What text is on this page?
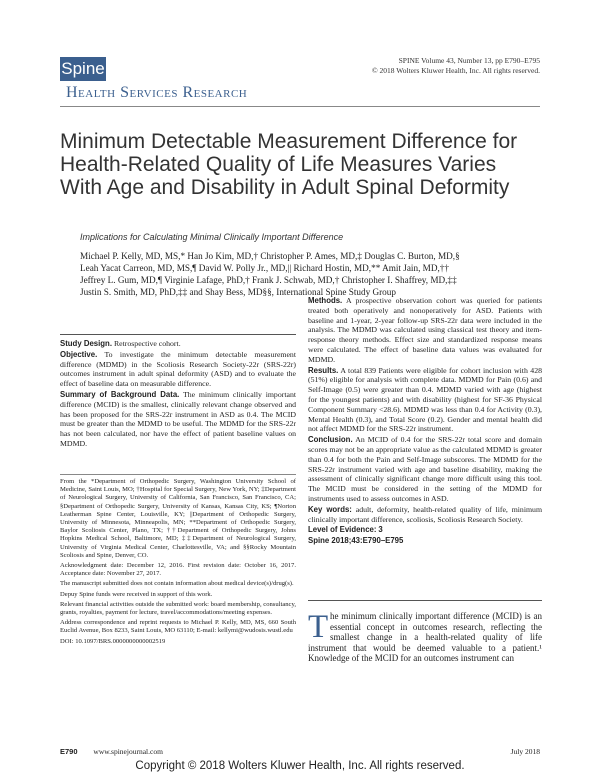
Spine	SPINE Volume 43, Number 13, pp E790–E795
© 2018 Wolters Kluwer Health, Inc. All rights reserved.
Health Services Research
Minimum Detectable Measurement Difference for Health-Related Quality of Life Measures Varies With Age and Disability in Adult Spinal Deformity
Implications for Calculating Minimal Clinically Important Difference
Michael P. Kelly, MD, MS,* Han Jo Kim, MD,† Christopher P. Ames, MD,‡ Douglas C. Burton, MD,§
Leah Yacat Carreon, MD, MS,¶ David W. Polly Jr., MD,|| Richard Hostin, MD,** Amit Jain, MD,††
Jeffrey L. Gum, MD,¶ Virginie Lafage, PhD,† Frank J. Schwab, MD,† Christopher I. Shaffrey, MD,‡‡
Justin S. Smith, MD, PhD,‡‡ and Shay Bess, MD§§, International Spine Study Group

Study Design. Retrospective cohort.

Objective. To investigate the minimum detectable measurement difference (MDMD) in the Scoliosis Research Society-22r (SRS-22r) outcomes instrument in adult spinal deformity (ASD) and to evaluate the effect of baseline data on measurable difference.

Summary of Background Data. The minimum clinically important difference (MCID) is the smallest, clinically relevant change observed and has been proposed for the SRS-22r instrument in ASD as 0.4. The MCID must be greater than the MDMD to be useful. The MDMD for the SRS-22r has not been calculated, nor have the effect of patient baseline values on MDMD.

From the *Department of Orthopedic Surgery, Washington University School of Medicine, Saint Louis, MO; †Hospital for Special Surgery, New York, NY; ‡Department of Neurological Surgery, University of California, San Francisco, San Francisco, CA; §Department of Orthopedic Surgery, University of Kansas, Kansas City, KS; ¶Norton Leatherman Spine Center, Louisville, KY; ||Department of Orthopedic Surgery, University of Minnesota, Minneapolis, MN; **Department of Orthopedic Surgery, Baylor Scoliosis Center, Plano, TX; ††Department of Orthopedic Surgery, Johns Hopkins Medical School, Baltimore, MD; ‡‡Department of Neurological Surgery, University of Virginia Medical Center, Charlottesville, VA; and §§Rocky Mountain Scoliosis and Spine, Denver, CO.

Acknowledgment date: December 12, 2016. First revision date: October 16, 2017. Acceptance date: November 27, 2017.

The manuscript submitted does not contain information about medical device(s)/drug(s).

Depuy Spine funds were received in support of this work.

Relevant financial activities outside the submitted work: board membership, consultancy, grants, royalties, payment for lecture, travel/accommodations/meeting expenses.

Address correspondence and reprint requests to Michael P. Kelly, MD, MS, 660 South Euclid Avenue, Box 8233, Saint Louis, MO 63110; E-mail: kellymi@wudosis.wustl.edu

DOI: 10.1097/BRS.0000000000002519

Methods. A prospective observation cohort was queried for patients treated both operatively and nonoperatively for ASD. Patients with baseline and 1-year, 2-year follow-up SRS-22r data were included in the analysis. The MDMD was calculated using classical test theory and item-response theory methods. Effect size and standardized response means were calculated. The effect of baseline data values was evaluated for MDMD.

Results. A total 839 Patients were eligible for cohort inclusion with 428 (51%) eligible for analysis with complete data. MDMD for Pain (0.6) and Self-Image (0.5) were greater than 0.4. MDMD varied with age (highest for the youngest patients) and with disability (highest for SF-36 Physical Component Summary <28.6). MDMD was less than 0.4 for Activity (0.3), Mental Health (0.3), and Total Score (0.2). Gender and mental health did not affect MDMD for the SRS-22r instrument.

Conclusion. An MCID of 0.4 for the SRS-22r total score and domain scores may not be an appropriate value as the calculated MDMD is greater than 0.4 for both the Pain and Self-Image subscores. The MDMD for the SRS-22r instrument varied with age and baseline disability, making the assessment of clinically significant change more difficult using this tool. The MCID must be considered in the setting of the MDMD for instruments used to assess outcomes in ASD.

Key words: adult, deformity, health-related quality of life, minimum clinically important difference, scoliosis, Scoliosis Research Society.

Level of Evidence: 3

Spine 2018;43:E790–E795

T he minimum clinically important difference (MCID) is an essential concept in outcomes research, reflecting the smallest change in a health-related quality of life instrument that would be deemed valuable to a patient.¹ Knowledge of the MCID for an outcomes instrument can
E790 www.spinejournal.com	July 2018
Copyright © 2018 Wolters Kluwer Health, Inc. All rights reserved.
